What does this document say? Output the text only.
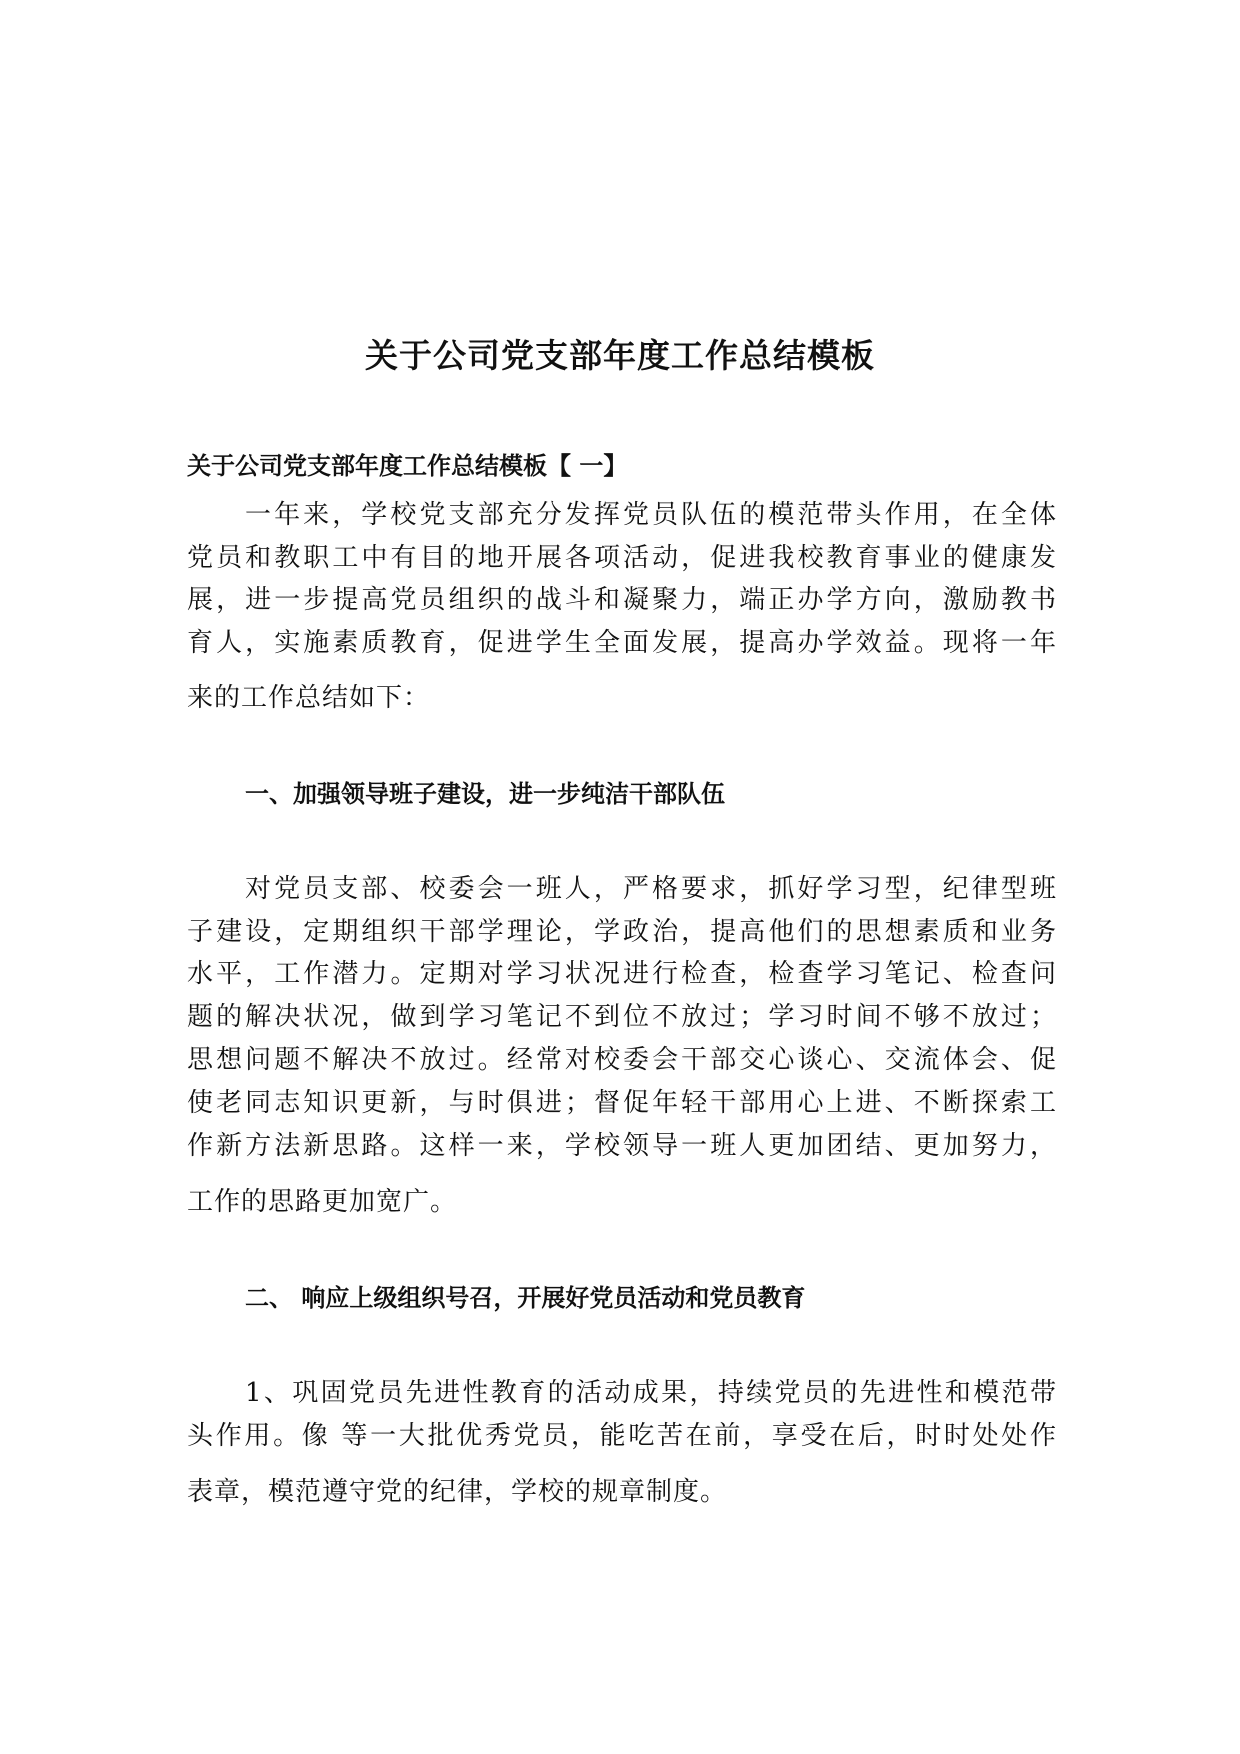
关于公司党支部年度工作总结模板
关于公司党支部年度工作总结模板【 一】
一年来，学校党支部充分发挥党员队伍的模范带头作用，在全体
党员和教职工中有目的地开展各项活动，促进我校教育事业的健康发
展，进一步提高党员组织的战斗和凝聚力，端正办学方向，激励教书
育人，实施素质教育，促进学生全面发展，提高办学效益。现将一年
来的工作总结如下：
一、加强领导班子建设，进一步纯洁干部队伍
对党员支部、校委会一班人，严格要求，抓好学习型，纪律型班
子建设，定期组织干部学理论，学政治，提高他们的思想素质和业务
水平，工作潜力。定期对学习状况进行检查，检查学习笔记、检查问
题的解决状况，做到学习笔记不到位不放过；学习时间不够不放过；
思想问题不解决不放过。经常对校委会干部交心谈心、交流体会、促
使老同志知识更新，与时俱进；督促年轻干部用心上进、不断探索工
作新方法新思路。这样一来，学校领导一班人更加团结、更加努力，
工作的思路更加宽广。
二、 响应上级组织号召，开展好党员活动和党员教育
1、巩固党员先进性教育的活动成果，持续党员的先进性和模范带
头作用。像 等一大批优秀党员，能吃苦在前，享受在后，时时处处作
表章，模范遵守党的纪律，学校的规章制度。
